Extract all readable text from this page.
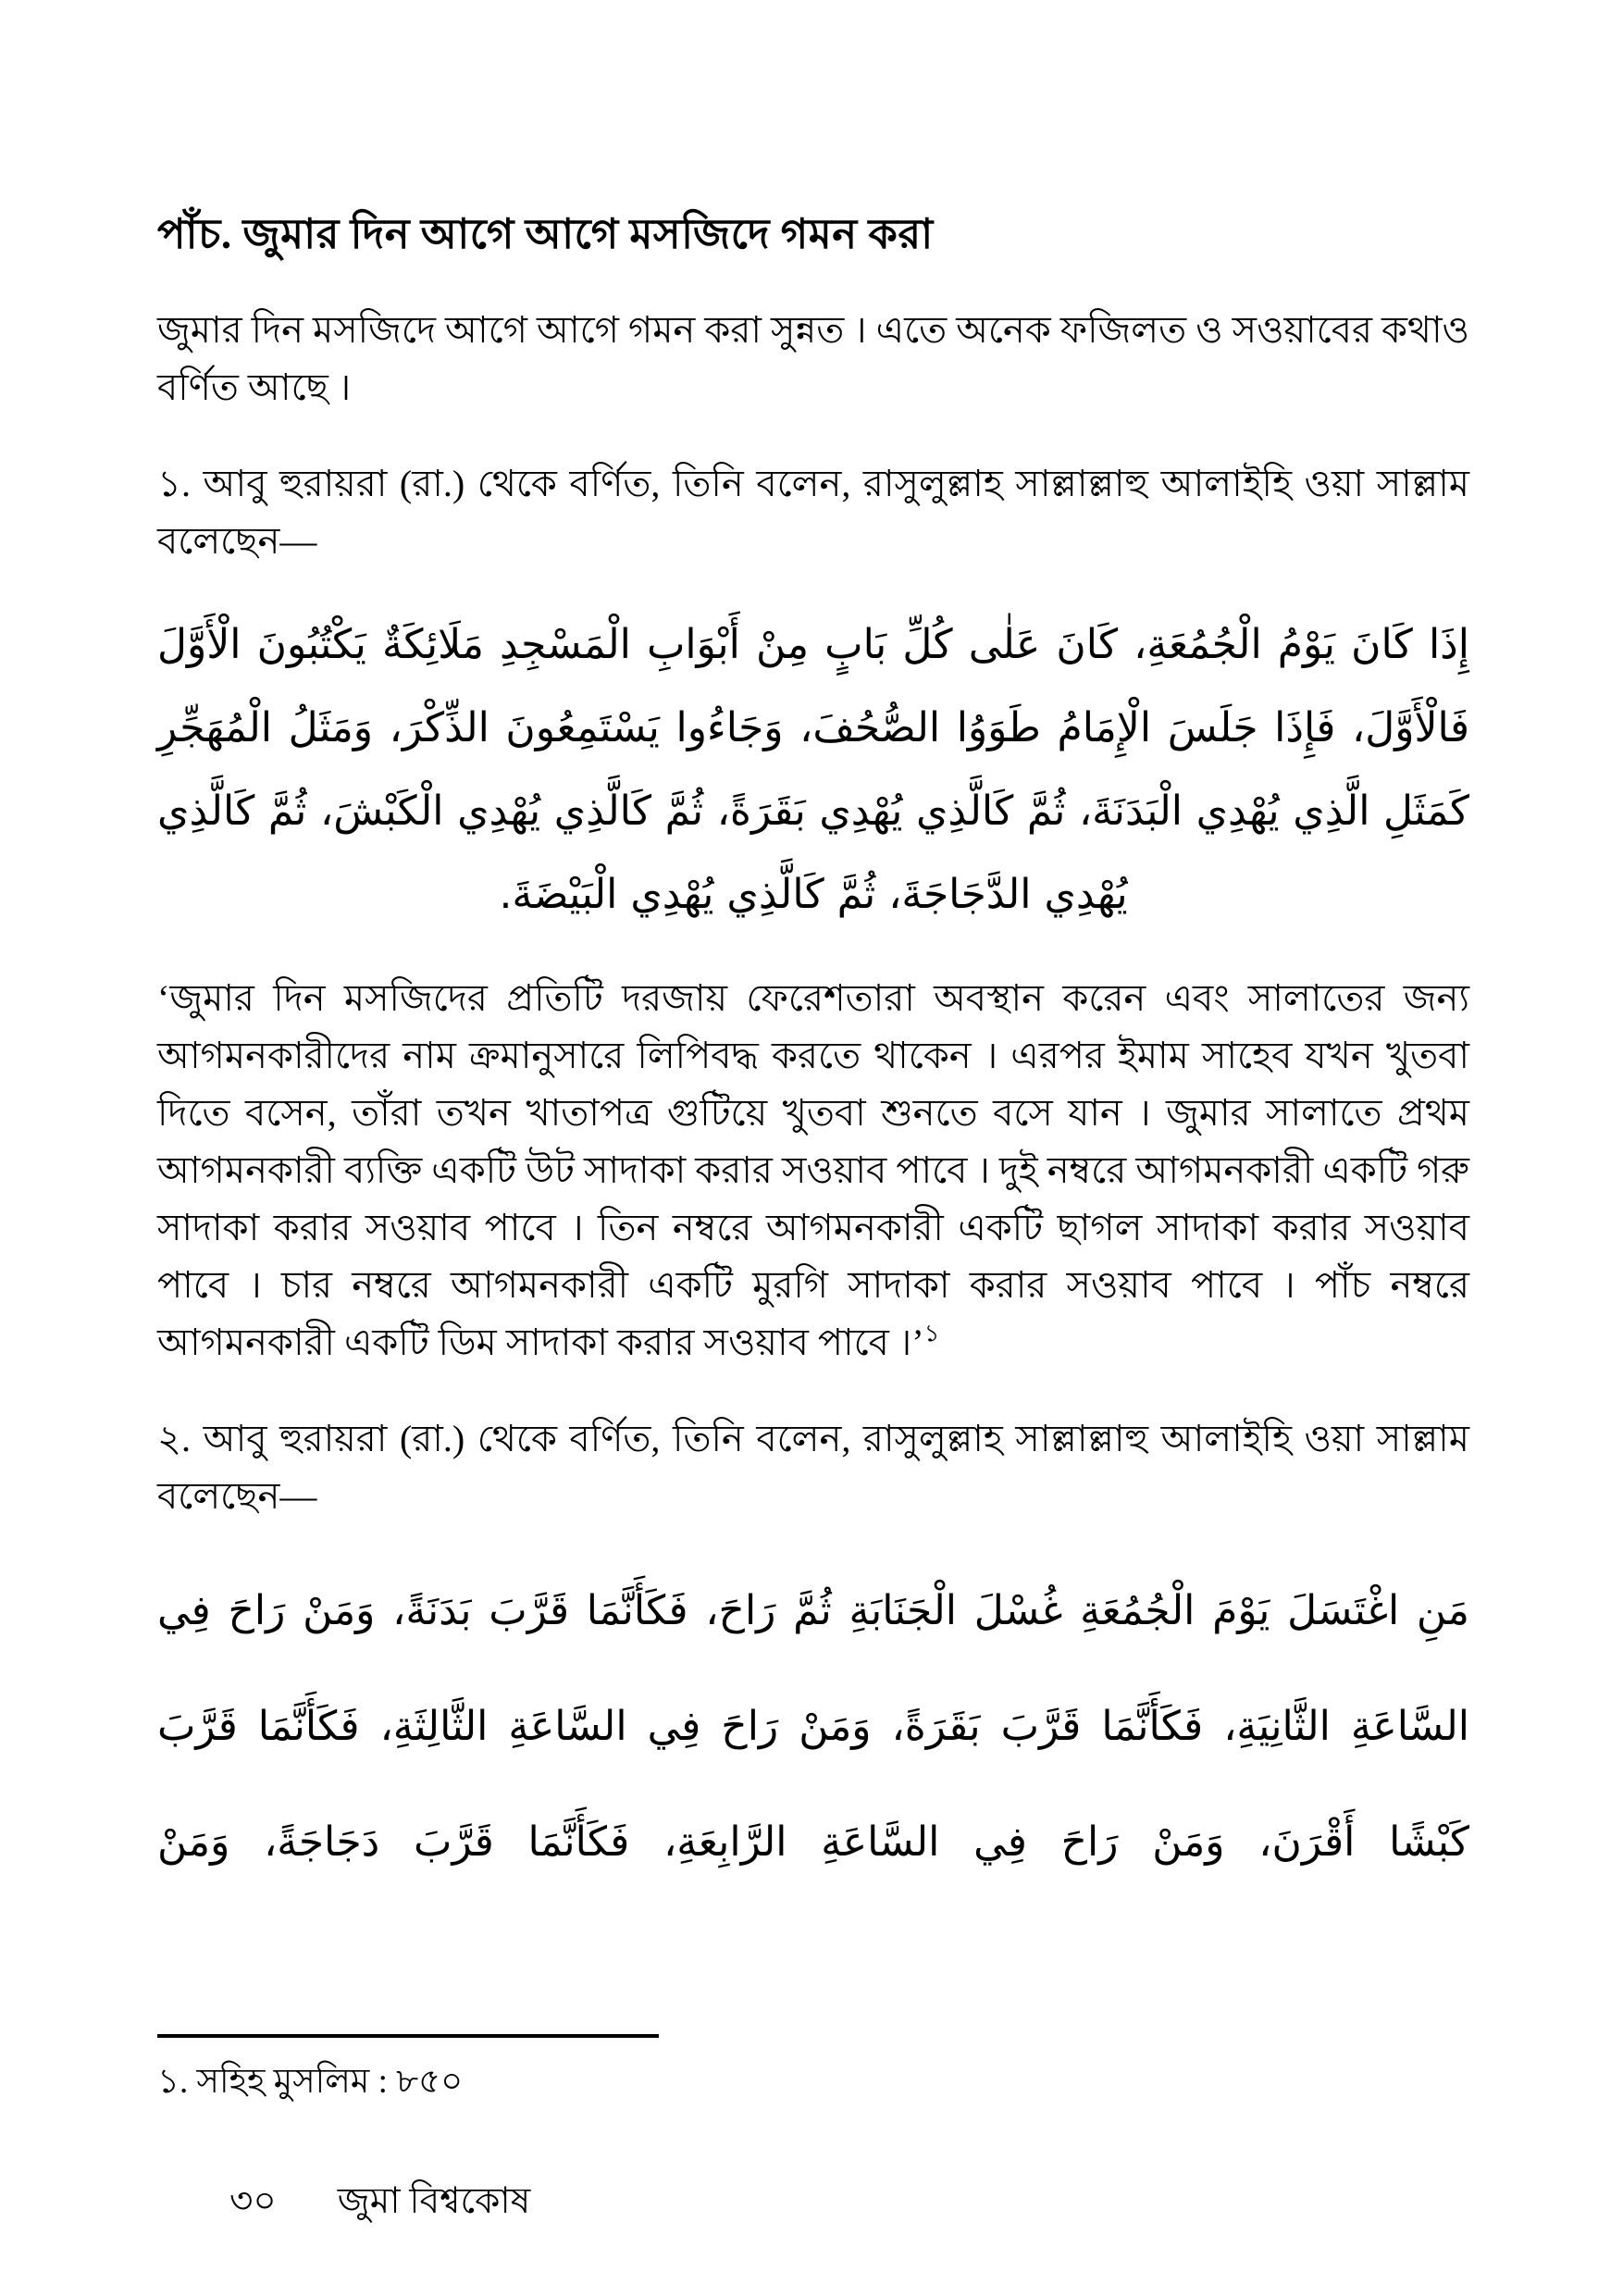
পাঁচ. জুমার দিন আগে আগে মসজিদে গমন করা

জুমার দিন মসজিদে আগে আগে গমন করা সুন্নত । এতে অনেক ফজিলত ও সওয়াবের কথাও বর্ণিত আছে ।

১. আবু হুরায়রা (রা.) থেকে বর্ণিত, তিনি বলেন, রাসুলুল্লাহ সাল্লাল্লাহু আলাইহি ওয়া সাল্লাম বলেছেন—

إِذَا كَانَ يَوْمُ الْجُمُعَةِ، كَانَ عَلٰى كُلِّ بَابٍ مِنْ أَبْوَابِ الْمَسْجِدِ مَلَائِكَةٌ يَكْتُبُونَ الْأَوَّلَ فَالْأَوَّلَ، فَإِذَا جَلَسَ الْإِمَامُ طَوَوُا الصُّحُفَ، وَجَاءُوا يَسْتَمِعُونَ الذِّكْرَ، وَمَثَلُ الْمُهَجِّرِ كَمَثَلِ الَّذِي يُهْدِي الْبَدَنَةَ، ثُمَّ كَالَّذِي يُهْدِي بَقَرَةً، ثُمَّ كَالَّذِي يُهْدِي الْكَبْشَ، ثُمَّ كَالَّذِي يُهْدِي الدَّجَاجَةَ، ثُمَّ كَالَّذِي يُهْدِي الْبَيْضَةَ.

‘জুমার দিন মসজিদের প্রতিটি দরজায় ফেরেশতারা অবস্থান করেন এবং সালাতের জন্য আগমনকারীদের নাম ক্রমানুসারে লিপিবদ্ধ করতে থাকেন । এরপর ইমাম সাহেব যখন খুতবা দিতে বসেন, তাঁরা তখন খাতাপত্র গুটিয়ে খুতবা শুনতে বসে যান । জুমার সালাতে প্রথম আগমনকারী ব্যক্তি একটি উট সাদাকা করার সওয়াব পাবে । দুই নম্বরে আগমনকারী একটি গরু সাদাকা করার সওয়াব পাবে । তিন নম্বরে আগমনকারী একটি ছাগল সাদাকা করার সওয়াব পাবে । চার নম্বরে আগমনকারী একটি মুরগি সাদাকা করার সওয়াব পাবে । পাঁচ নম্বরে আগমনকারী একটি ডিম সাদাকা করার সওয়াব পাবে ।’$^১$

২. আবু হুরায়রা (রা.) থেকে বর্ণিত, তিনি বলেন, রাসুলুল্লাহ সাল্লাল্লাহু আলাইহি ওয়া সাল্লাম বলেছেন—

مَنِ اغْتَسَلَ يَوْمَ الْجُمُعَةِ غُسْلَ الْجَنَابَةِ ثُمَّ رَاحَ، فَكَأَنَّمَا قَرَّبَ بَدَنَةً، وَمَنْ رَاحَ فِي السَّاعَةِ الثَّانِيَةِ، فَكَأَنَّمَا قَرَّبَ بَقَرَةً، وَمَنْ رَاحَ فِي السَّاعَةِ الثَّالِثَةِ، فَكَأَنَّمَا قَرَّبَ كَبْشًا أَقْرَنَ، وَمَنْ رَاحَ فِي السَّاعَةِ الرَّابِعَةِ، فَكَأَنَّمَا قَرَّبَ دَجَاجَةً، وَمَنْ

১. সহিহ মুসলিম : ৮৫০
৩০ জুমা বিশ্বকোষ
